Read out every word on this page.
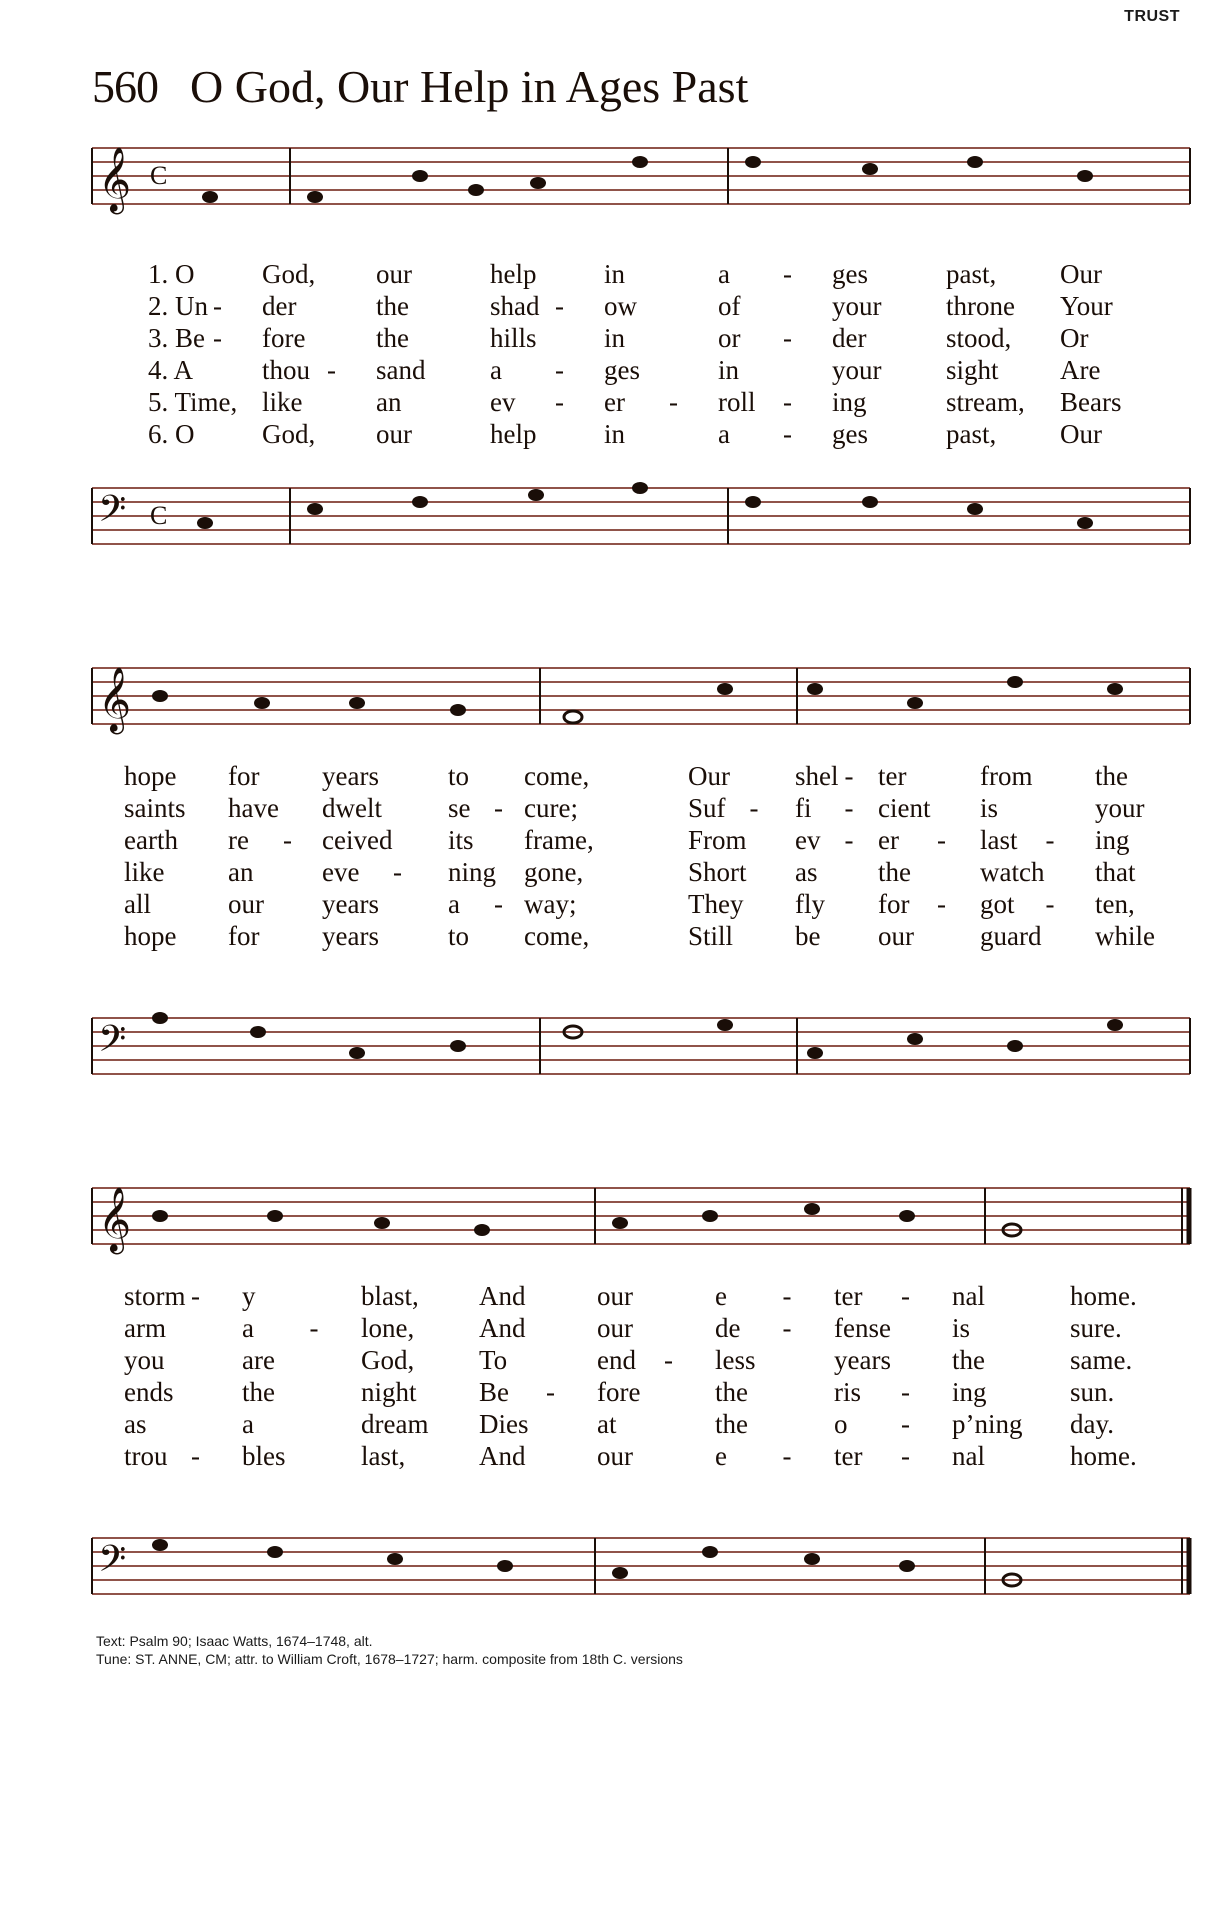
TRUST
560 O God, Our Help in Ages Past
𝄞 C
𝄢 C
𝄞
𝄢
𝄞
𝄢
1. O	God, our	help	in	a - ges	past, Our
2. Un - der	the	shad - ow	of	your throne Your
3. Be - fore	the	hills in	or - der	stood, Or
4. A	thou - sand a - ges	in	your sight Are
5. Time, like	an	ev - er - roll - ing	stream, Bears
6. O	God, our	help	in	a - ges	past, Our
hope for years	to come,	Our shel - ter	from the
saints have dwelt se - cure;	Suf - fi - cient is	your
earth re - ceived its frame,	From ev - er - last - ing
like an	eve - ning gone,	Short as the	watch that
all	our years	a - way;	They fly for - got - ten,
hope for years	to come,	Still be our guard while
storm - y	blast, And	our	e - ter - nal	home.
arm	a - lone, And	our	de - fense is	sure.
you	are	God, To	end - less	years the	same.
ends	the	night Be - fore	the	ris - ing	sun.
as	a	dream Dies	at	the	o - p’ning day.
trou - bles	last,	And	our	e - ter - nal	home.
Text: Psalm 90; Isaac Watts, 1674–1748, alt.
Tune: ST. ANNE, CM; attr. to William Croft, 1678–1727; harm. composite from 18th C. versions
